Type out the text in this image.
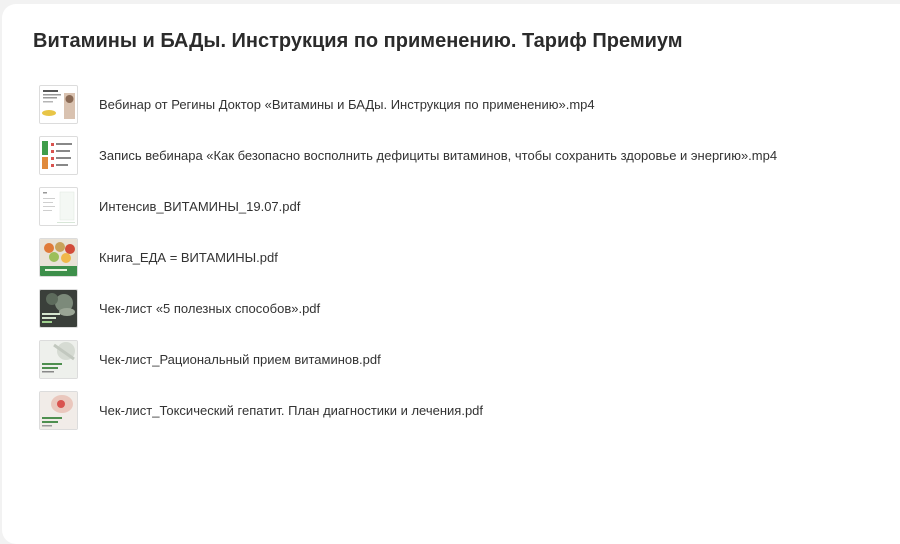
Витамины и БАДы. Инструкция по применению. Тариф Премиум
Вебинар от Регины Доктор «Витамины и БАДы. Инструкция по применению».mp4
Запись вебинара «Как безопасно восполнить дефициты витаминов, чтобы сохранить здоровье и энергию».mp4
Интенсив_ВИТАМИНЫ_19.07.pdf
Книга_ЕДА = ВИТАМИНЫ.pdf
Чек-лист «5 полезных способов».pdf
Чек-лист_Рациональный прием витаминов.pdf
Чек-лист_Токсический гепатит. План диагностики и лечения.pdf
